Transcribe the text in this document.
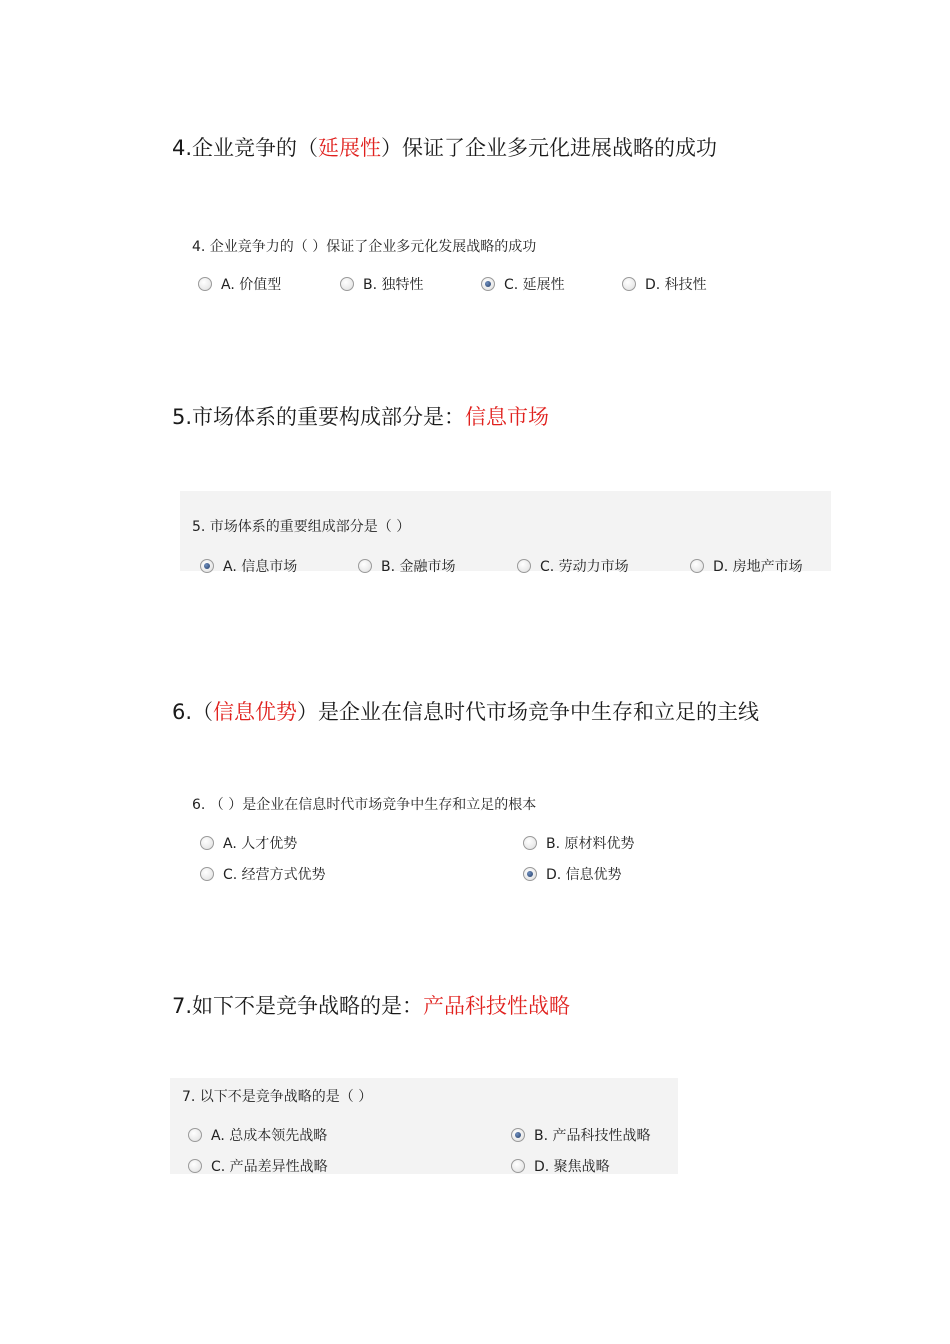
4.企业竞争的（延展性）保证了企业多元化进展战略的成功
4. 企业竞争力的（ ）保证了企业多元化发展战略的成功
A. 价值型	B. 独特性	C. 延展性	D. 科技性
5.市场体系的重要构成部分是：信息市场
5. 市场体系的重要组成部分是（ ）
A. 信息市场	B. 金融市场	C. 劳动力市场	D. 房地产市场
6.（信息优势）是企业在信息时代市场竞争中生存和立足的主线
6. （ ）是企业在信息时代市场竞争中生存和立足的根本
A. 人才优势	B. 原材料优势
C. 经营方式优势	D. 信息优势
7.如下不是竞争战略的是：产品科技性战略
7. 以下不是竞争战略的是（ ）
A. 总成本领先战略	B. 产品科技性战略
C. 产品差异性战略	D. 聚焦战略
